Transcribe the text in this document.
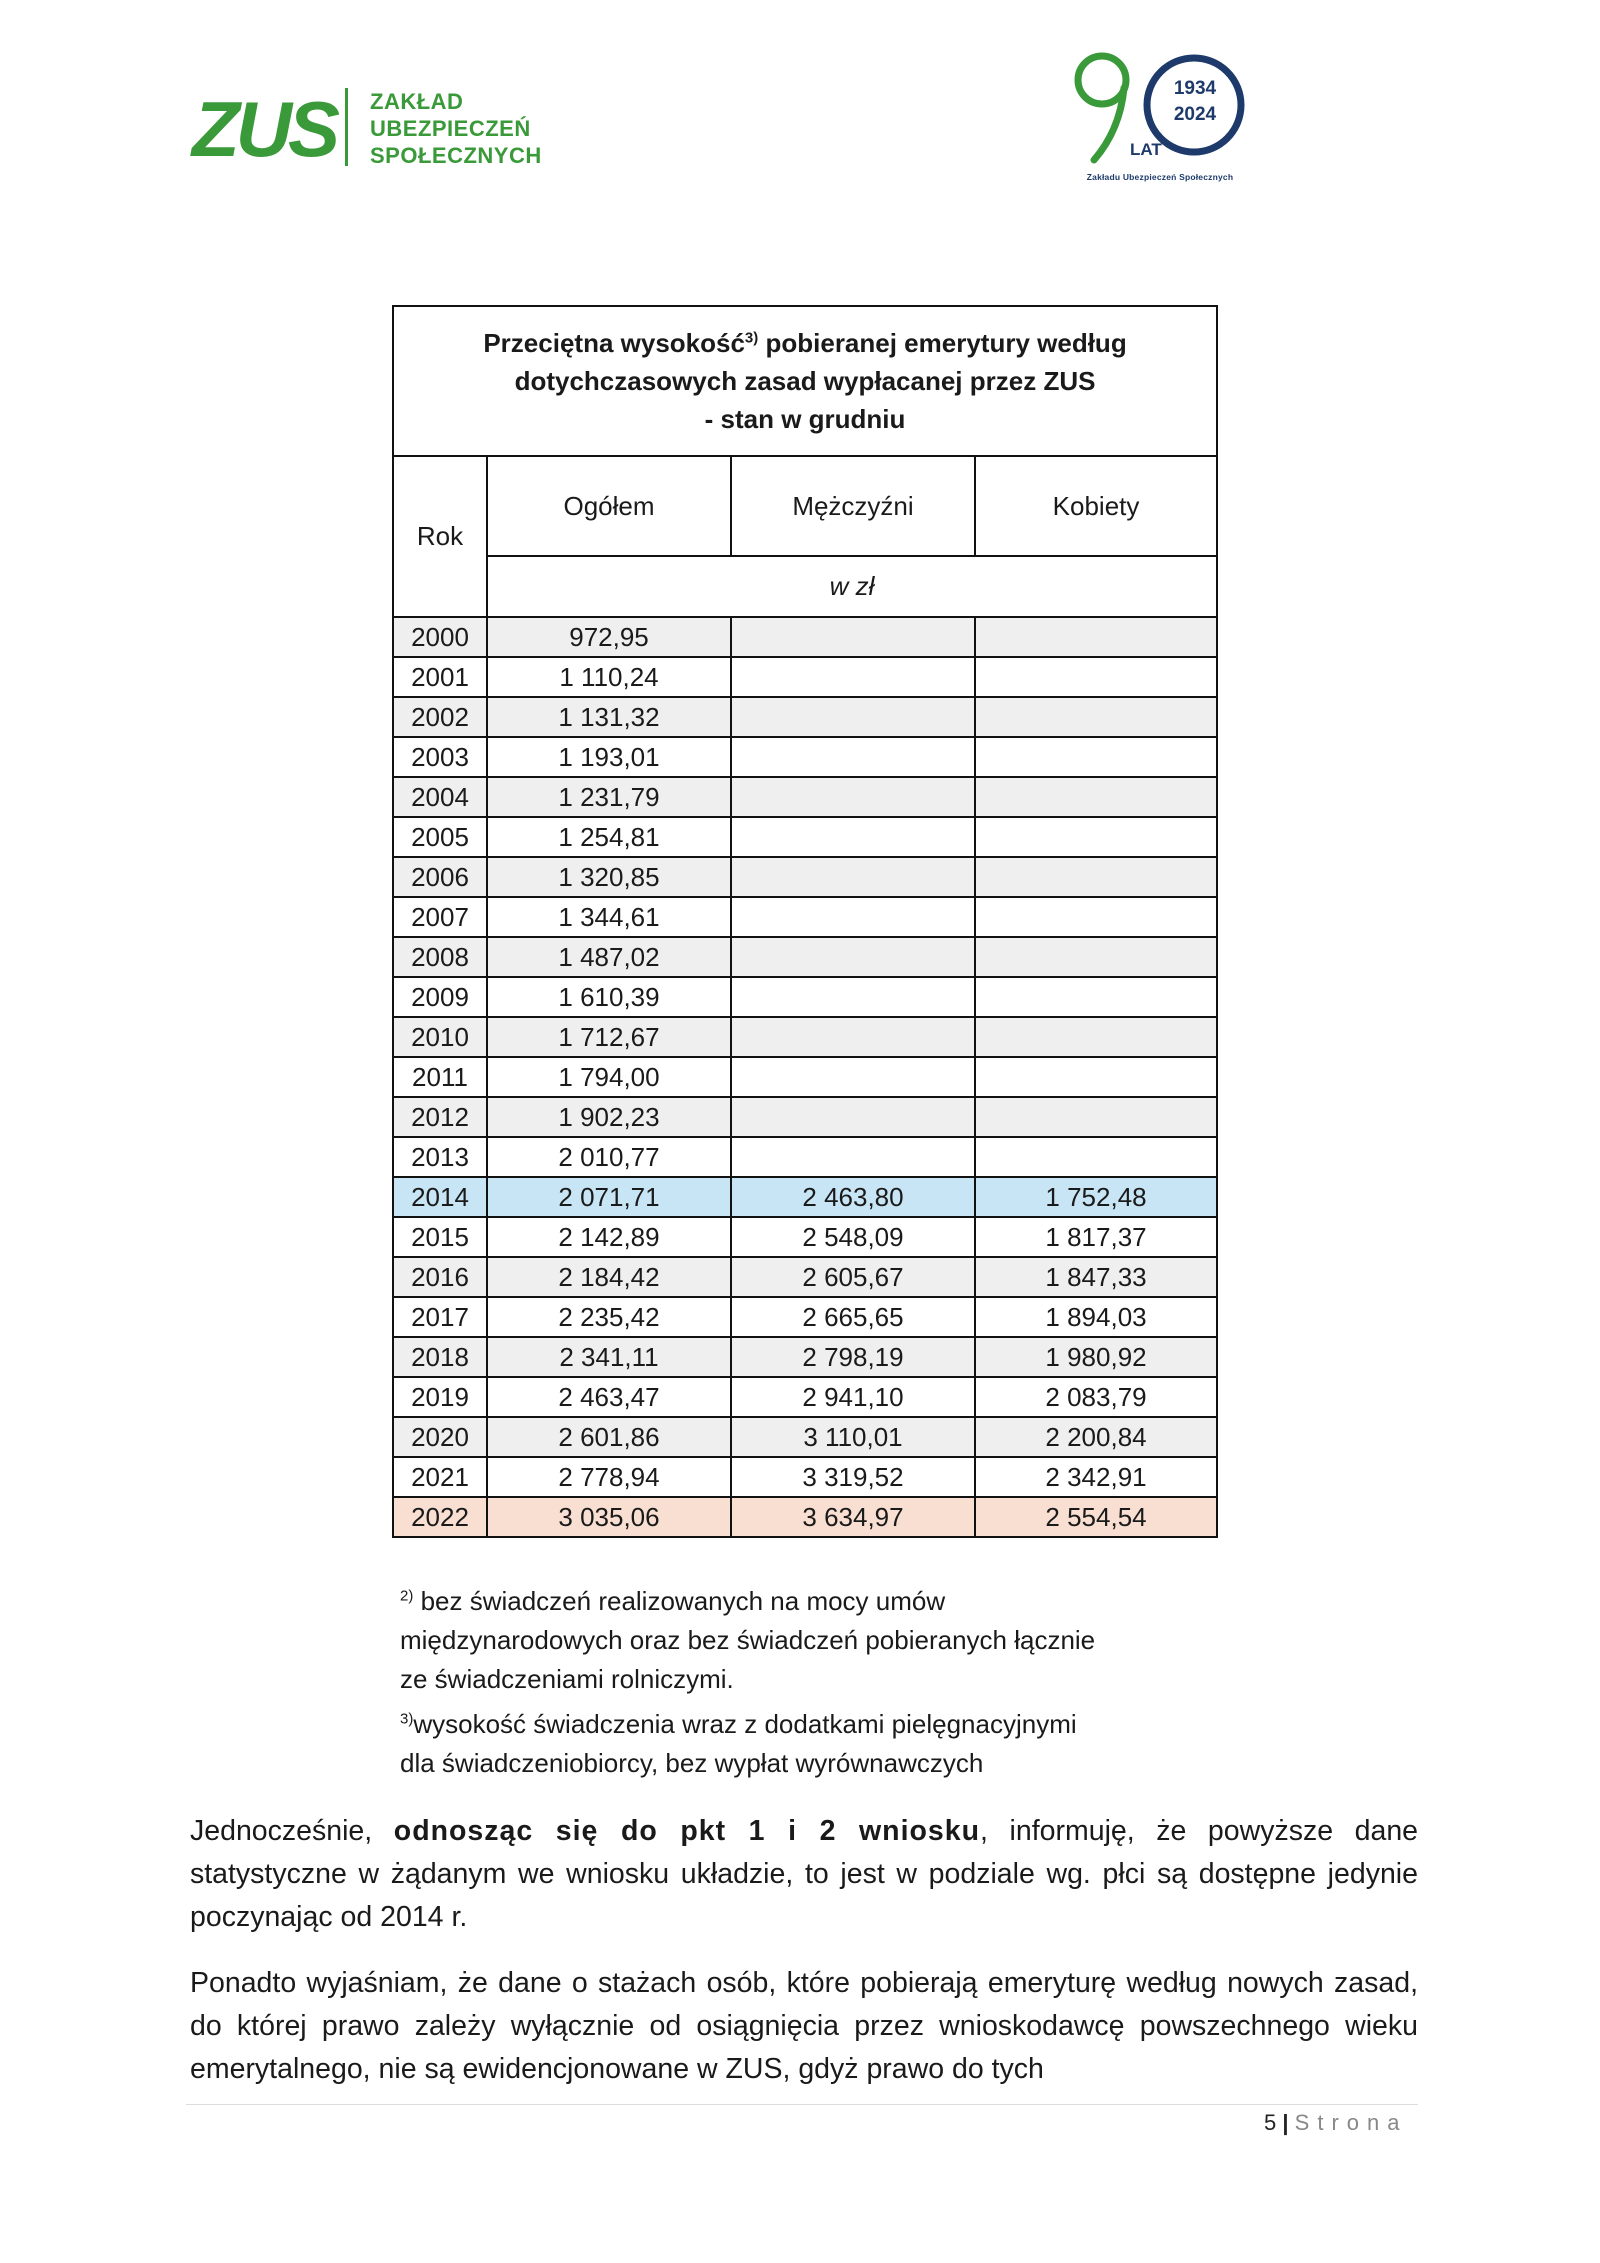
ZUS ZAKŁAD
UBEZPIECZEŃ
SPOŁECZNYCH
1934
2024
LAT
Zakładu Ubezpieczeń Społecznych
Przeciętna wysokość$^{3)}$ pobieranej emerytury według
dotychczasowych zasad wypłacanej przez ZUS
- stan w grudniu			
Rok	Ogółem	Mężczyźni	Kobiety
	w zł		
2000	972,95		
2001	1 110,24		
2002	1 131,32		
2003	1 193,01		
2004	1 231,79		
2005	1 254,81		
2006	1 320,85		
2007	1 344,61		
2008	1 487,02		
2009	1 610,39		
2010	1 712,67		
2011	1 794,00		
2012	1 902,23		
2013	2 010,77		
2014	2 071,71	2 463,80	1 752,48
2015	2 142,89	2 548,09	1 817,37
2016	2 184,42	2 605,67	1 847,33
2017	2 235,42	2 665,65	1 894,03
2018	2 341,11	2 798,19	1 980,92
2019	2 463,47	2 941,10	2 083,79
2020	2 601,86	3 110,01	2 200,84
2021	2 778,94	3 319,52	2 342,91
2022	3 035,06	3 634,97	2 554,54

$^{2)}$ bez świadczeń realizowanych na mocy umów
międzynarodowych oraz bez świadczeń pobieranych łącznie
ze świadczeniami rolniczymi.

$^{3)}$wysokość świadczenia wraz z dodatkami pielęgnacyjnymi
dla świadczeniobiorcy, bez wypłat wyrównawczych

Jednocześnie, odnosząc się do pkt 1 i 2 wniosku, informuję, że powyższe dane statystyczne w żądanym we wniosku układzie, to jest w podziale wg. płci są dostępne jedynie poczynając od 2014 r.

Ponadto wyjaśniam, że dane o stażach osób, które pobierają emeryturę według nowych zasad, do której prawo zależy wyłącznie od osiągnięcia przez wnioskodawcę powszechnego wieku emerytalnego, nie są ewidencjonowane w ZUS, gdyż prawo do tych

5 | Strona
